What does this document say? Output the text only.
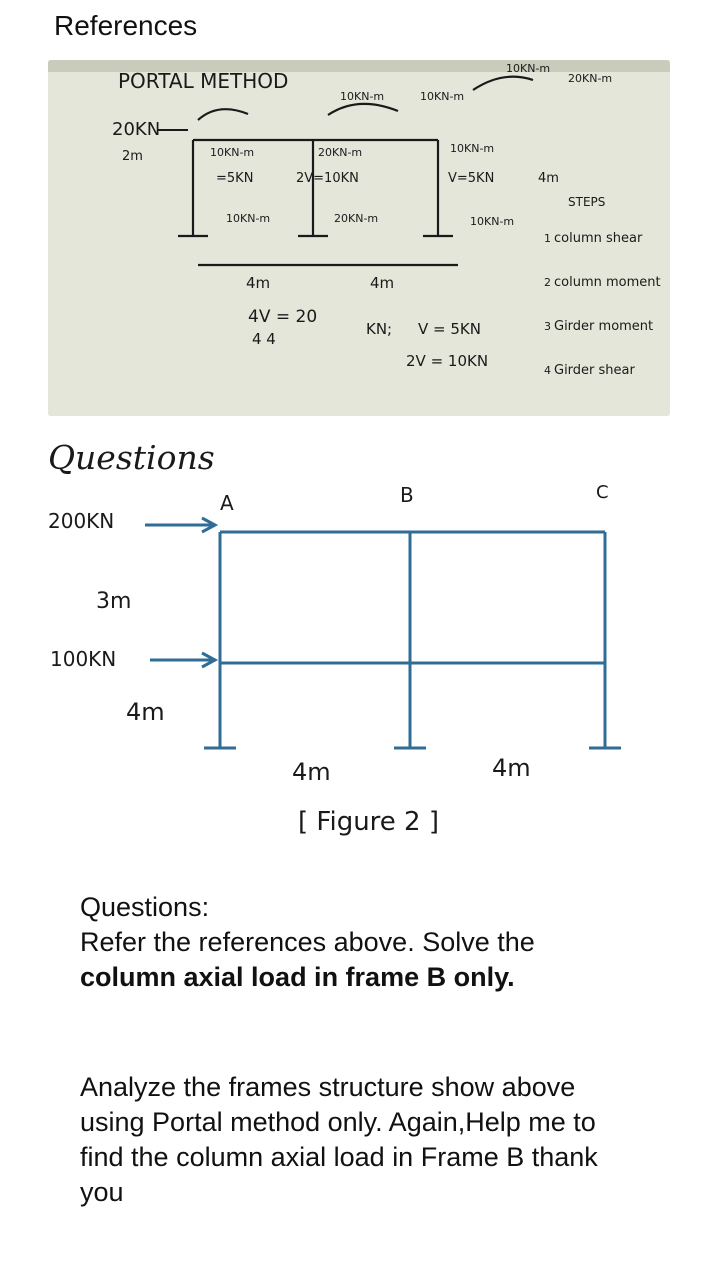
References
PORTAL METHOD
20KN
2m	10KN-m
10KN-m
20KN-m
10KN-m
10KN-m
20KN-m
10KN-m	10KN-m
20KN-m
10KN-m
=5KN	2V=10KN	V=5KN	4m
4m	4m
4V = 20
4 4
KN; V = 5KN
2V = 10KN
STEPS
1 column shear
2 column moment
3 Girder moment
4 Girder shear
Questions
A	B	C
200KN
3m
100KN
4m
4m	4m
[ Figure 2 ]

Questions:

Refer the references above. Solve the column axial load in frame B only.

Analyze the frames structure show above using Portal method only. Again,Help me to find the column axial load in Frame B thank you
